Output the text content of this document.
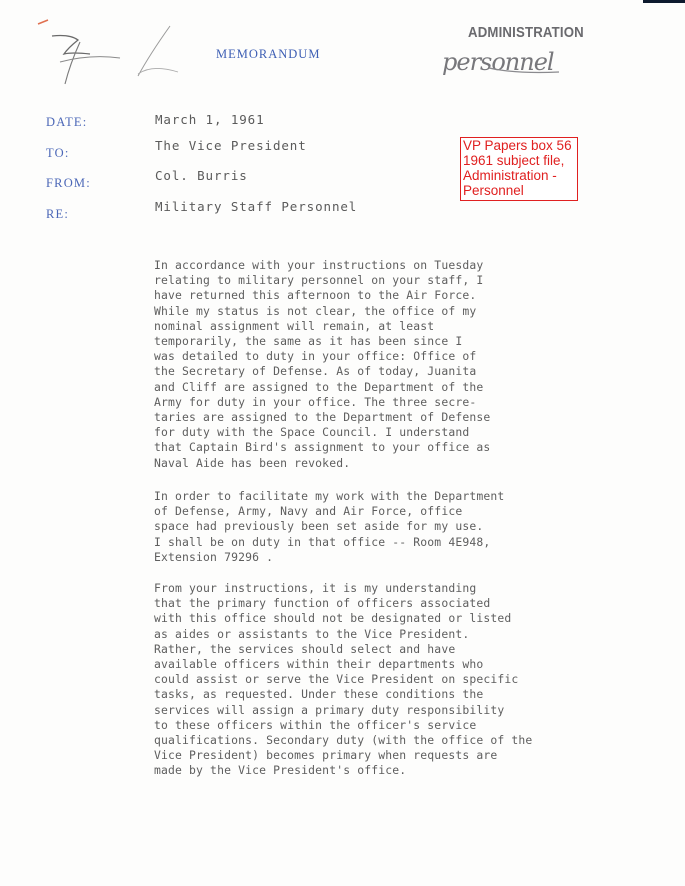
MEMORANDUM
ADMINISTRATION
personnel
DATE:	March 1, 1961
TO:	The Vice President
FROM:	Col. Burris
RE:	Military Staff Personnel
VP Papers box 56
1961 subject file,
Administration -
Personnel
In accordance with your instructions on Tuesday
relating to military personnel on your staff, I
have returned this afternoon to the Air Force.
While my status is not clear, the office of my
nominal assignment will remain, at least
temporarily, the same as it has been since I
was detailed to duty in your office: Office of
the Secretary of Defense. As of today, Juanita
and Cliff are assigned to the Department of the
Army for duty in your office. The three secre-
taries are assigned to the Department of Defense
for duty with the Space Council. I understand
that Captain Bird's assignment to your office as
Naval Aide has been revoked.
In order to facilitate my work with the Department
of Defense, Army, Navy and Air Force, office
space had previously been set aside for my use.
I shall be on duty in that office -- Room 4E948,
Extension 79296 .
From your instructions, it is my understanding
that the primary function of officers associated
with this office should not be designated or listed
as aides or assistants to the Vice President.
Rather, the services should select and have
available officers within their departments who
could assist or serve the Vice President on specific
tasks, as requested. Under these conditions the
services will assign a primary duty responsibility
to these officers within the officer's service
qualifications. Secondary duty (with the office of the
Vice President) becomes primary when requests are
made by the Vice President's office.
